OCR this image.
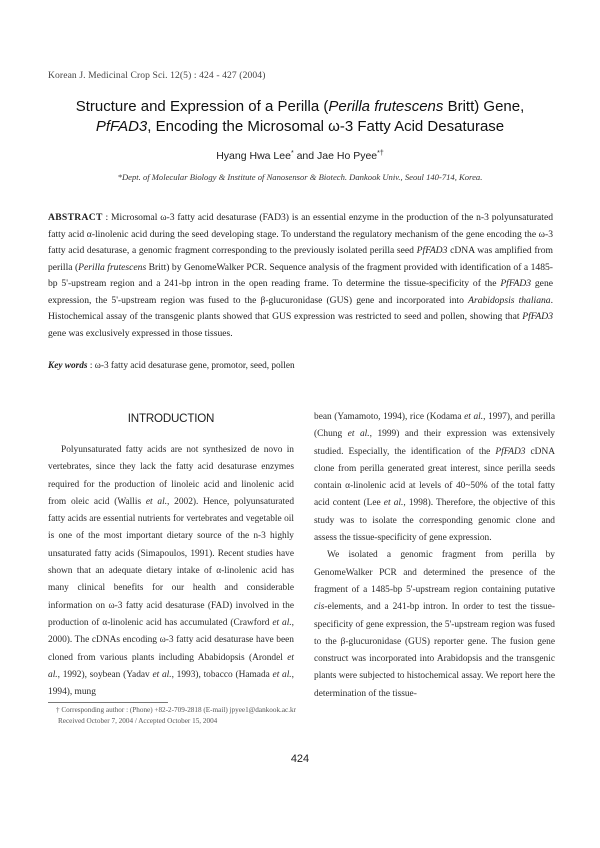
Korean J. Medicinal Crop Sci. 12(5) : 424 - 427 (2004)
Structure and Expression of a Perilla (Perilla frutescens Britt) Gene,
PfFAD3, Encoding the Microsomal ω-3 Fatty Acid Desaturase
Hyang Hwa Lee* and Jae Ho Pyee*†
*Dept. of Molecular Biology & Institute of Nanosensor & Biotech. Dankook Univ., Seoul 140-714, Korea.
ABSTRACT : Microsomal ω-3 fatty acid desaturase (FAD3) is an essential enzyme in the production of the n-3 polyunsaturated fatty acid α-linolenic acid during the seed developing stage. To understand the regulatory mechanism of the gene encoding the ω-3 fatty acid desaturase, a genomic fragment corresponding to the previously isolated perilla seed PfFAD3 cDNA was amplified from perilla (Perilla frutescens Britt) by GenomeWalker PCR. Sequence analysis of the fragment provided with identification of a 1485-bp 5'-upstream region and a 241-bp intron in the open reading frame. To determine the tissue-specificity of the PfFAD3 gene expression, the 5'-upstream region was fused to the β-glucuronidase (GUS) gene and incorporated into Arabidopsis thaliana. Histochemical assay of the transgenic plants showed that GUS expression was restricted to seed and pollen, showing that PfFAD3 gene was exclusively expressed in those tissues.
Key words : ω-3 fatty acid desaturase gene, promotor, seed, pollen
INTRODUCTION

Polyunsaturated fatty acids are not synthesized de novo in vertebrates, since they lack the fatty acid desaturase enzymes required for the production of linoleic acid and linolenic acid from oleic acid (Wallis et al., 2002). Hence, polyunsaturated fatty acids are essential nutrients for vertebrates and vegetable oil is one of the most important dietary source of the n-3 highly unsaturated fatty acids (Simapoulos, 1991). Recent studies have shown that an adequate dietary intake of α-linolenic acid has many clinical benefits for our health and considerable information on ω-3 fatty acid desaturase (FAD) involved in the production of α-linolenic acid has accumulated (Crawford et al., 2000). The cDNAs encoding ω-3 fatty acid desaturase have been cloned from various plants including Ababidopsis (Arondel et al., 1992), soybean (Yadav et al., 1993), tobacco (Hamada et al., 1994), mung

bean (Yamamoto, 1994), rice (Kodama et al., 1997), and perilla (Chung et al., 1999) and their expression was extensively studied. Especially, the identification of the PfFAD3 cDNA clone from perilla generated great interest, since perilla seeds contain α-linolenic acid at levels of 40~50% of the total fatty acid content (Lee et al., 1998). Therefore, the objective of this study was to isolate the corresponding genomic clone and assess the tissue-specificity of gene expression.

We isolated a genomic fragment from perilla by GenomeWalker PCR and determined the presence of the fragment of a 1485-bp 5'-upstream region containing putative cis-elements, and a 241-bp intron. In order to test the tissue-specificity of gene expression, the 5'-upstream region was fused to the β-glucuronidase (GUS) reporter gene. The fusion gene construct was incorporated into Arabidopsis and the transgenic plants were subjected to histochemical assay. We report here the determination of the tissue-

† Corresponding author : (Phone) +82-2-709-2818 (E-mail) jpyee1@dankook.ac.kr
Received October 7, 2004 / Accepted October 15, 2004
424
